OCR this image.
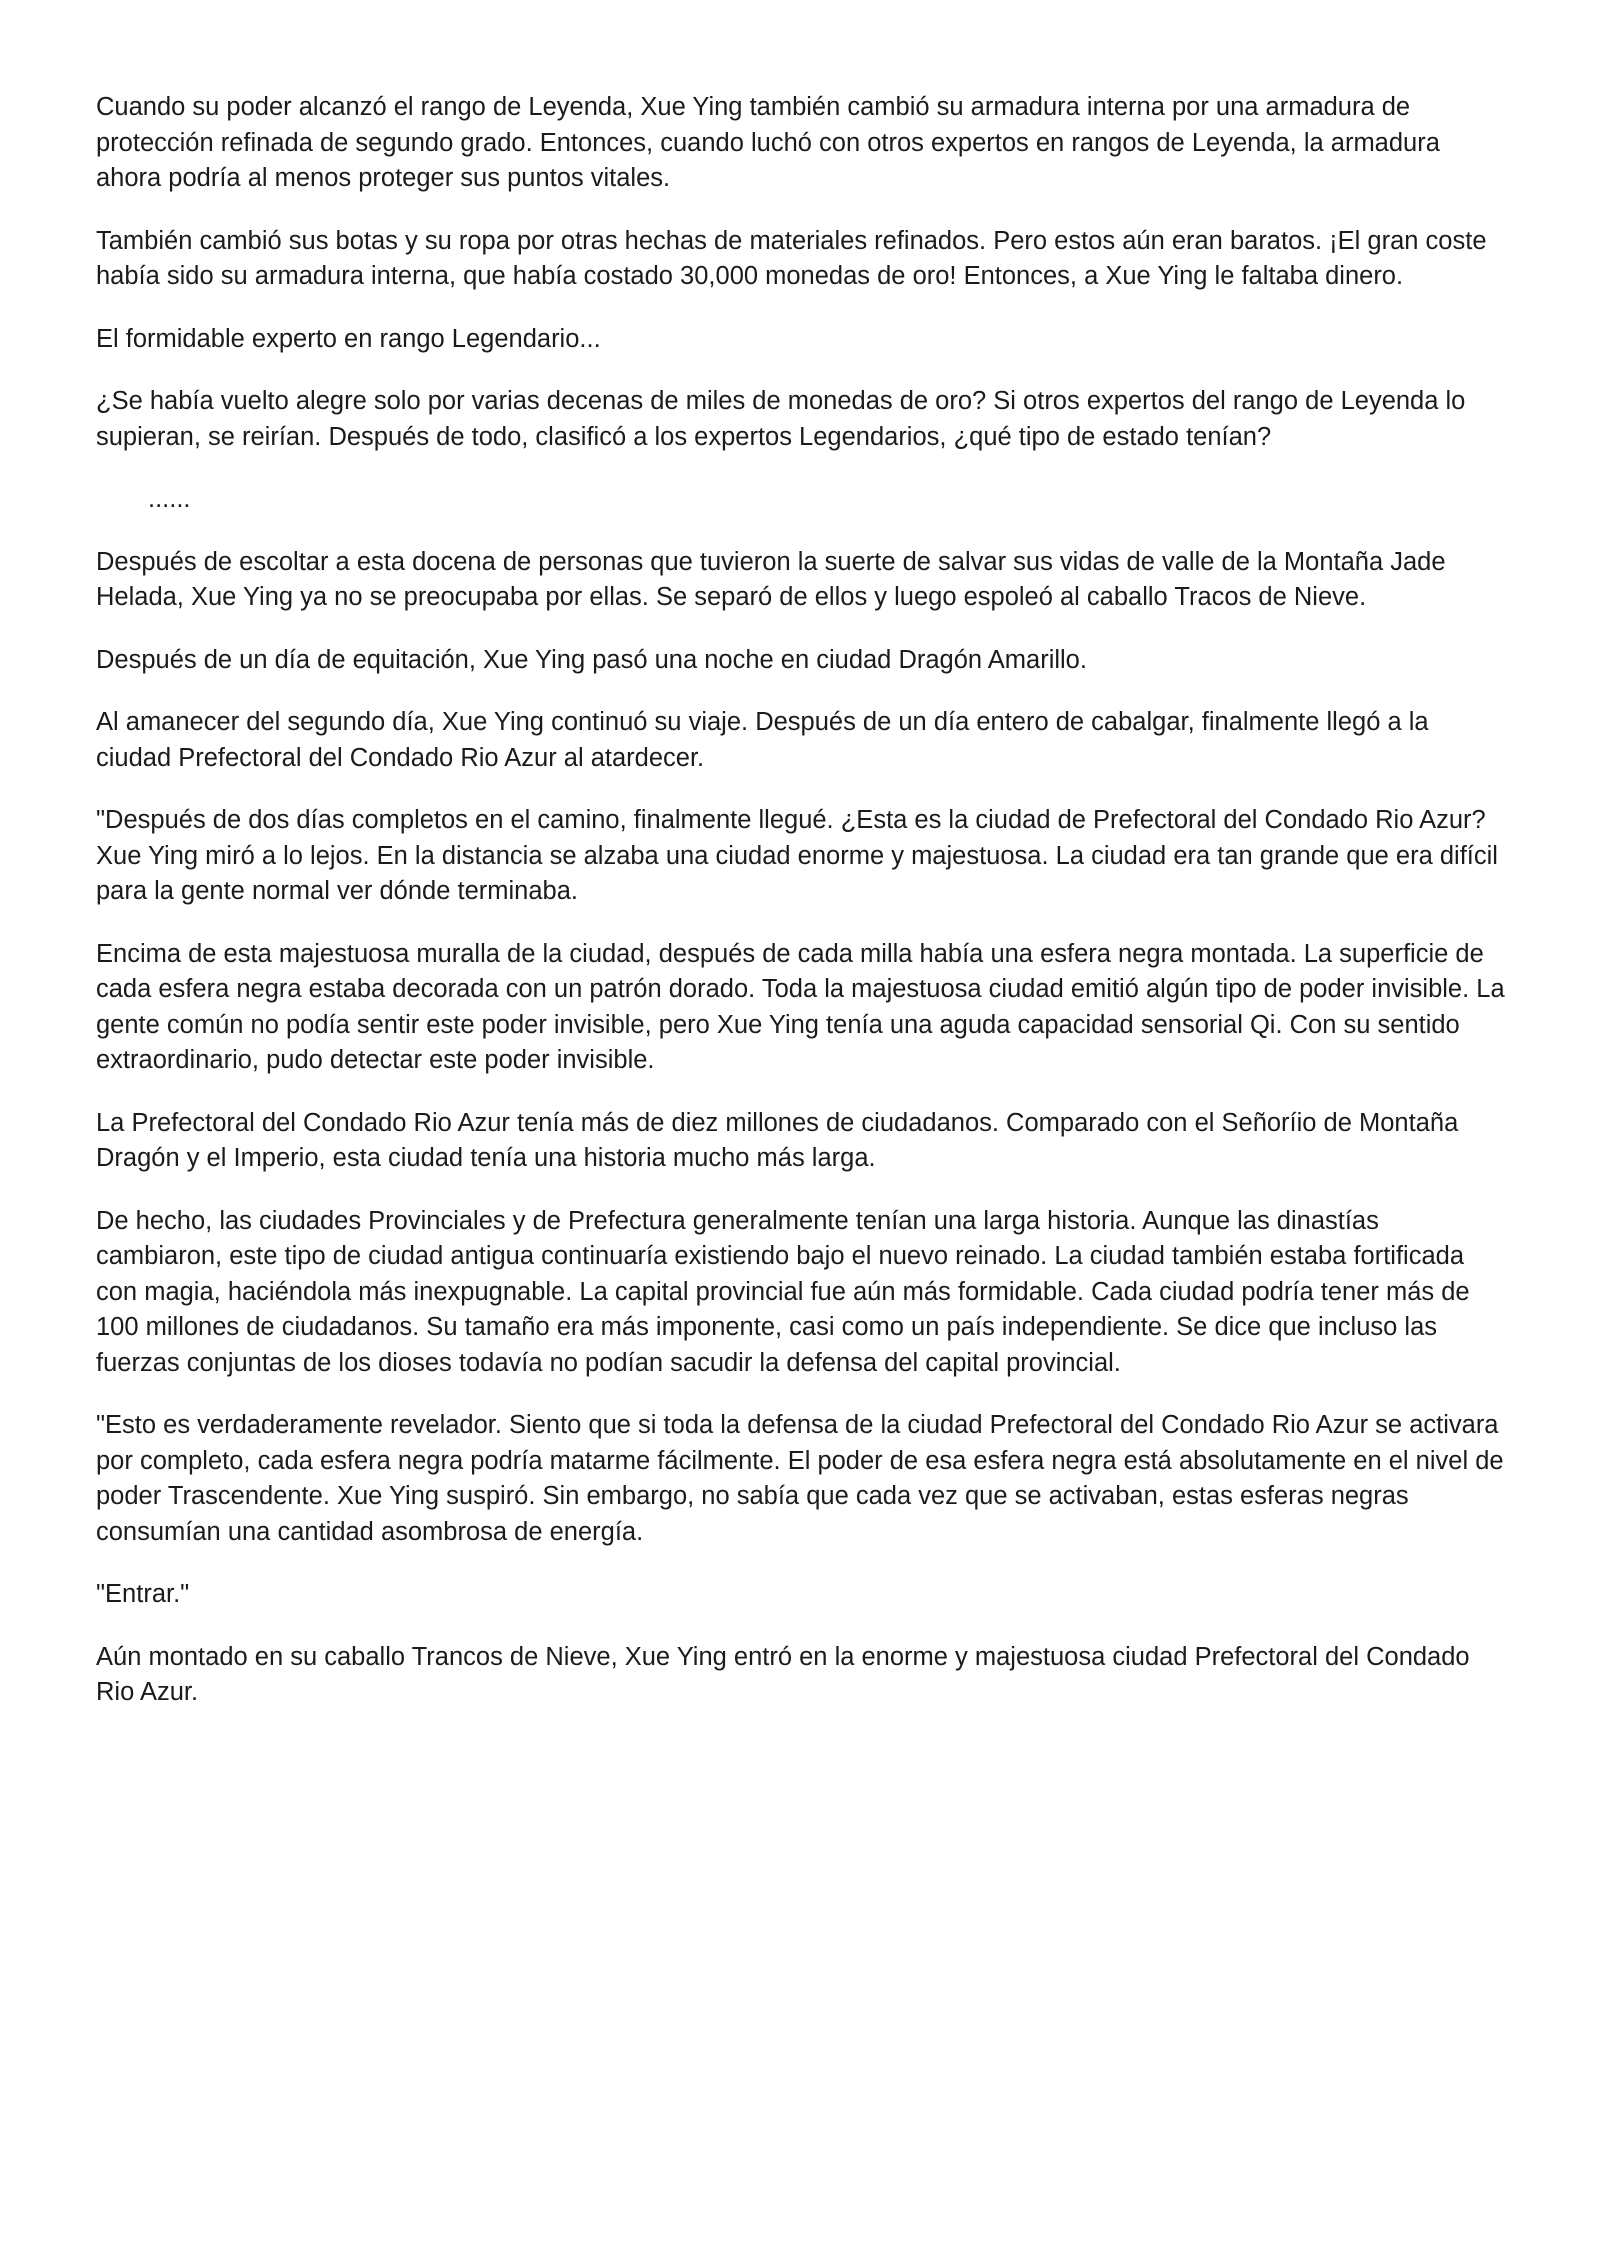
Cuando su poder alcanzó el rango de Leyenda, Xue Ying también cambió su armadura interna por una armadura de protección refinada de segundo grado. Entonces, cuando luchó con otros expertos en rangos de Leyenda, la armadura ahora podría al menos proteger sus puntos vitales.

También cambió sus botas y su ropa por otras hechas de materiales refinados. Pero estos aún eran baratos. ¡El gran coste había sido su armadura interna, que había costado 30,000 monedas de oro! Entonces, a Xue Ying le faltaba dinero.

El formidable experto en rango Legendario...

¿Se había vuelto alegre solo por varias decenas de miles de monedas de oro? Si otros expertos del rango de Leyenda lo supieran, se reirían. Después de todo, clasificó a los expertos Legendarios, ¿qué tipo de estado tenían?

......

Después de escoltar a esta docena de personas que tuvieron la suerte de salvar sus vidas de valle de la Montaña Jade Helada, Xue Ying ya no se preocupaba por ellas. Se separó de ellos y luego espoleó al caballo Tracos de Nieve.

Después de un día de equitación, Xue Ying pasó una noche en ciudad Dragón Amarillo.

Al amanecer del segundo día, Xue Ying continuó su viaje. Después de un día entero de cabalgar, finalmente llegó a la ciudad Prefectoral del Condado Rio Azur al atardecer.

"Después de dos días completos en el camino, finalmente llegué. ¿Esta es la ciudad de Prefectoral del Condado Rio Azur? Xue Ying miró a lo lejos. En la distancia se alzaba una ciudad enorme y majestuosa. La ciudad era tan grande que era difícil para la gente normal ver dónde terminaba.

Encima de esta majestuosa muralla de la ciudad, después de cada milla había una esfera negra montada. La superficie de cada esfera negra estaba decorada con un patrón dorado. Toda la majestuosa ciudad emitió algún tipo de poder invisible. La gente común no podía sentir este poder invisible, pero Xue Ying tenía una aguda capacidad sensorial Qi. Con su sentido extraordinario, pudo detectar este poder invisible.

La Prefectoral del Condado Rio Azur tenía más de diez millones de ciudadanos. Comparado con el Señoríio de Montaña Dragón y el Imperio, esta ciudad tenía una historia mucho más larga.

De hecho, las ciudades Provinciales y de Prefectura generalmente tenían una larga historia. Aunque las dinastías cambiaron, este tipo de ciudad antigua continuaría existiendo bajo el nuevo reinado. La ciudad también estaba fortificada con magia, haciéndola más inexpugnable. La capital provincial fue aún más formidable. Cada ciudad podría tener más de 100 millones de ciudadanos. Su tamaño era más imponente, casi como un país independiente. Se dice que incluso las fuerzas conjuntas de los dioses todavía no podían sacudir la defensa del capital provincial.

"Esto es verdaderamente revelador. Siento que si toda la defensa de la ciudad Prefectoral del Condado Rio Azur se activara por completo, cada esfera negra podría matarme fácilmente. El poder de esa esfera negra está absolutamente en el nivel de poder Trascendente. Xue Ying suspiró. Sin embargo, no sabía que cada vez que se activaban, estas esferas negras consumían una cantidad asombrosa de energía.

"Entrar."

Aún montado en su caballo Trancos de Nieve, Xue Ying entró en la enorme y majestuosa ciudad Prefectoral del Condado Rio Azur.
